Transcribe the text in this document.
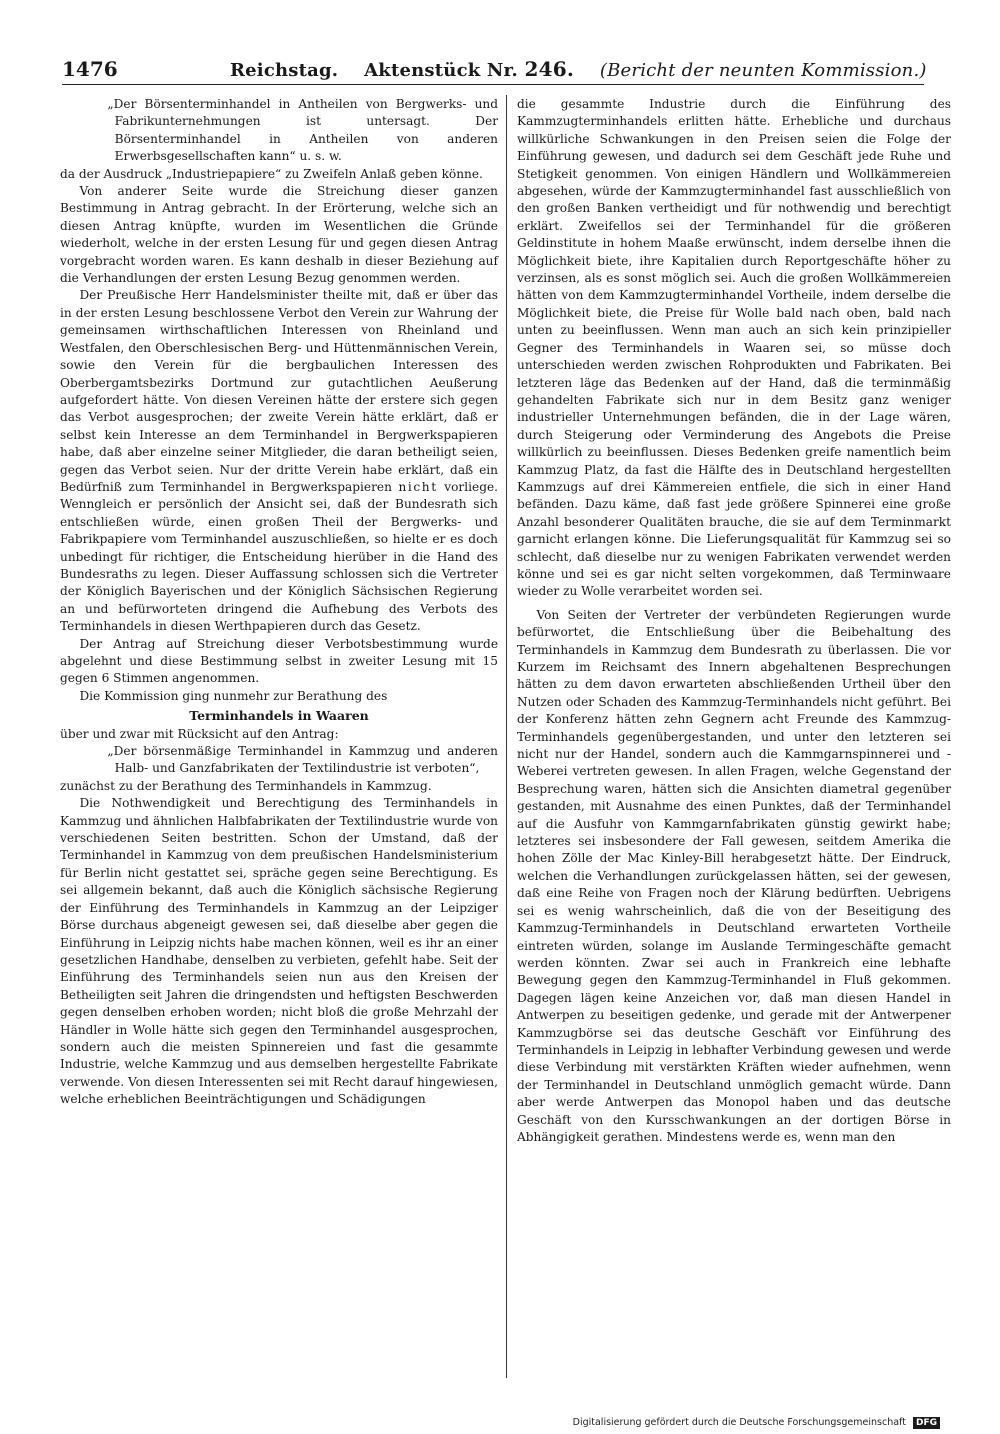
1476	Reichstag. Aktenstück Nr. 246. (Bericht der neunten Kommission.)

„Der Börsenterminhandel in Antheilen von Bergwerks- und Fabrikunternehmungen ist untersagt. Der Börsenterminhandel in Antheilen von anderen Erwerbsgesellschaften kann“ u. s. w.

da der Ausdruck „Industriepapiere“ zu Zweifeln Anlaß geben könne.

Von anderer Seite wurde die Streichung dieser ganzen Bestimmung in Antrag gebracht. In der Erörterung, welche sich an diesen Antrag knüpfte, wurden im Wesentlichen die Gründe wiederholt, welche in der ersten Lesung für und gegen diesen Antrag vorgebracht worden waren. Es kann deshalb in dieser Beziehung auf die Verhandlungen der ersten Lesung Bezug genommen werden.

Der Preußische Herr Handelsminister theilte mit, daß er über das in der ersten Lesung beschlossene Verbot den Verein zur Wahrung der gemeinsamen wirthschaftlichen Interessen von Rheinland und Westfalen, den Oberschlesischen Berg- und Hüttenmännischen Verein, sowie den Verein für die bergbaulichen Interessen des Oberbergamtsbezirks Dortmund zur gutachtlichen Aeußerung aufgefordert hätte. Von diesen Vereinen hätte der erstere sich gegen das Verbot ausgesprochen; der zweite Verein hätte erklärt, daß er selbst kein Interesse an dem Terminhandel in Bergwerkspapieren habe, daß aber einzelne seiner Mitglieder, die daran betheiligt seien, gegen das Verbot seien. Nur der dritte Verein habe erklärt, daß ein Bedürfniß zum Terminhandel in Bergwerkspapieren nicht vorliege. Wenngleich er persönlich der Ansicht sei, daß der Bundesrath sich entschließen würde, einen großen Theil der Bergwerks- und Fabrikpapiere vom Terminhandel auszuschließen, so hielte er es doch unbedingt für richtiger, die Entscheidung hierüber in die Hand des Bundesraths zu legen. Dieser Auffassung schlossen sich die Vertreter der Königlich Bayerischen und der Königlich Sächsischen Regierung an und befürworteten dringend die Aufhebung des Verbots des Terminhandels in diesen Werthpapieren durch das Gesetz.

Der Antrag auf Streichung dieser Verbotsbestimmung wurde abgelehnt und diese Bestimmung selbst in zweiter Lesung mit 15 gegen 6 Stimmen angenommen.

Die Kommission ging nunmehr zur Berathung des

Terminhandels in Waaren

über und zwar mit Rücksicht auf den Antrag:

„Der börsenmäßige Terminhandel in Kammzug und anderen Halb- und Ganzfabrikaten der Textilindustrie ist verboten“,

zunächst zu der Berathung des Terminhandels in Kammzug.

Die Nothwendigkeit und Berechtigung des Terminhandels in Kammzug und ähnlichen Halbfabrikaten der Textilindustrie wurde von verschiedenen Seiten bestritten. Schon der Umstand, daß der Terminhandel in Kammzug von dem preußischen Handelsministerium für Berlin nicht gestattet sei, spräche gegen seine Berechtigung. Es sei allgemein bekannt, daß auch die Königlich sächsische Regierung der Einführung des Terminhandels in Kammzug an der Leipziger Börse durchaus abgeneigt gewesen sei, daß dieselbe aber gegen die Einführung in Leipzig nichts habe machen können, weil es ihr an einer gesetzlichen Handhabe, denselben zu verbieten, gefehlt habe. Seit der Einführung des Terminhandels seien nun aus den Kreisen der Betheiligten seit Jahren die dringendsten und heftigsten Beschwerden gegen denselben erhoben worden; nicht bloß die große Mehrzahl der Händler in Wolle hätte sich gegen den Terminhandel ausgesprochen, sondern auch die meisten Spinnereien und fast die gesammte Industrie, welche Kammzug und aus demselben hergestellte Fabrikate verwende. Von diesen Interessenten sei mit Recht darauf hingewiesen, welche erheblichen Beeinträchtigungen und Schädigungen

die gesammte Industrie durch die Einführung des Kammzugterminhandels erlitten hätte. Erhebliche und durchaus willkürliche Schwankungen in den Preisen seien die Folge der Einführung gewesen, und dadurch sei dem Geschäft jede Ruhe und Stetigkeit genommen. Von einigen Händlern und Wollkämmereien abgesehen, würde der Kammzugterminhandel fast ausschließlich von den großen Banken vertheidigt und für nothwendig und berechtigt erklärt. Zweifellos sei der Terminhandel für die größeren Geldinstitute in hohem Maaße erwünscht, indem derselbe ihnen die Möglichkeit biete, ihre Kapitalien durch Reportgeschäfte höher zu verzinsen, als es sonst möglich sei. Auch die großen Wollkämmereien hätten von dem Kammzugterminhandel Vortheile, indem derselbe die Möglichkeit biete, die Preise für Wolle bald nach oben, bald nach unten zu beeinflussen. Wenn man auch an sich kein prinzipieller Gegner des Terminhandels in Waaren sei, so müsse doch unterschieden werden zwischen Rohprodukten und Fabrikaten. Bei letzteren läge das Bedenken auf der Hand, daß die terminmäßig gehandelten Fabrikate sich nur in dem Besitz ganz weniger industrieller Unternehmungen befänden, die in der Lage wären, durch Steigerung oder Verminderung des Angebots die Preise willkürlich zu beeinflussen. Dieses Bedenken greife namentlich beim Kammzug Platz, da fast die Hälfte des in Deutschland hergestellten Kammzugs auf drei Kämmereien entfiele, die sich in einer Hand befänden. Dazu käme, daß fast jede größere Spinnerei eine große Anzahl besonderer Qualitäten brauche, die sie auf dem Terminmarkt garnicht erlangen könne. Die Lieferungsqualität für Kammzug sei so schlecht, daß dieselbe nur zu wenigen Fabrikaten verwendet werden könne und sei es gar nicht selten vorgekommen, daß Terminwaare wieder zu Wolle verarbeitet worden sei.

Von Seiten der Vertreter der verbündeten Regierungen wurde befürwortet, die Entschließung über die Beibehaltung des Terminhandels in Kammzug dem Bundesrath zu überlassen. Die vor Kurzem im Reichsamt des Innern abgehaltenen Besprechungen hätten zu dem davon erwarteten abschließenden Urtheil über den Nutzen oder Schaden des Kammzug-Terminhandels nicht geführt. Bei der Konferenz hätten zehn Gegnern acht Freunde des Kammzug-Terminhandels gegenübergestanden, und unter den letzteren sei nicht nur der Handel, sondern auch die Kammgarnspinnerei und -Weberei vertreten gewesen. In allen Fragen, welche Gegenstand der Besprechung waren, hätten sich die Ansichten diametral gegenüber gestanden, mit Ausnahme des einen Punktes, daß der Terminhandel auf die Ausfuhr von Kammgarnfabrikaten günstig gewirkt habe; letzteres sei insbesondere der Fall gewesen, seitdem Amerika die hohen Zölle der Mac Kinley-Bill herabgesetzt hätte. Der Eindruck, welchen die Verhandlungen zurückgelassen hätten, sei der gewesen, daß eine Reihe von Fragen noch der Klärung bedürften. Uebrigens sei es wenig wahrscheinlich, daß die von der Beseitigung des Kammzug-Terminhandels in Deutschland erwarteten Vortheile eintreten würden, solange im Auslande Termingeschäfte gemacht werden könnten. Zwar sei auch in Frankreich eine lebhafte Bewegung gegen den Kammzug-Terminhandel in Fluß gekommen. Dagegen lägen keine Anzeichen vor, daß man diesen Handel in Antwerpen zu beseitigen gedenke, und gerade mit der Antwerpener Kammzugbörse sei das deutsche Geschäft vor Einführung des Terminhandels in Leipzig in lebhafter Verbindung gewesen und werde diese Verbindung mit verstärkten Kräften wieder aufnehmen, wenn der Terminhandel in Deutschland unmöglich gemacht würde. Dann aber werde Antwerpen das Monopol haben und das deutsche Geschäft von den Kursschwankungen an der dortigen Börse in Abhängigkeit gerathen. Mindestens werde es, wenn man den

Digitalisierung gefördert durch die Deutsche Forschungsgemeinschaft DFG
